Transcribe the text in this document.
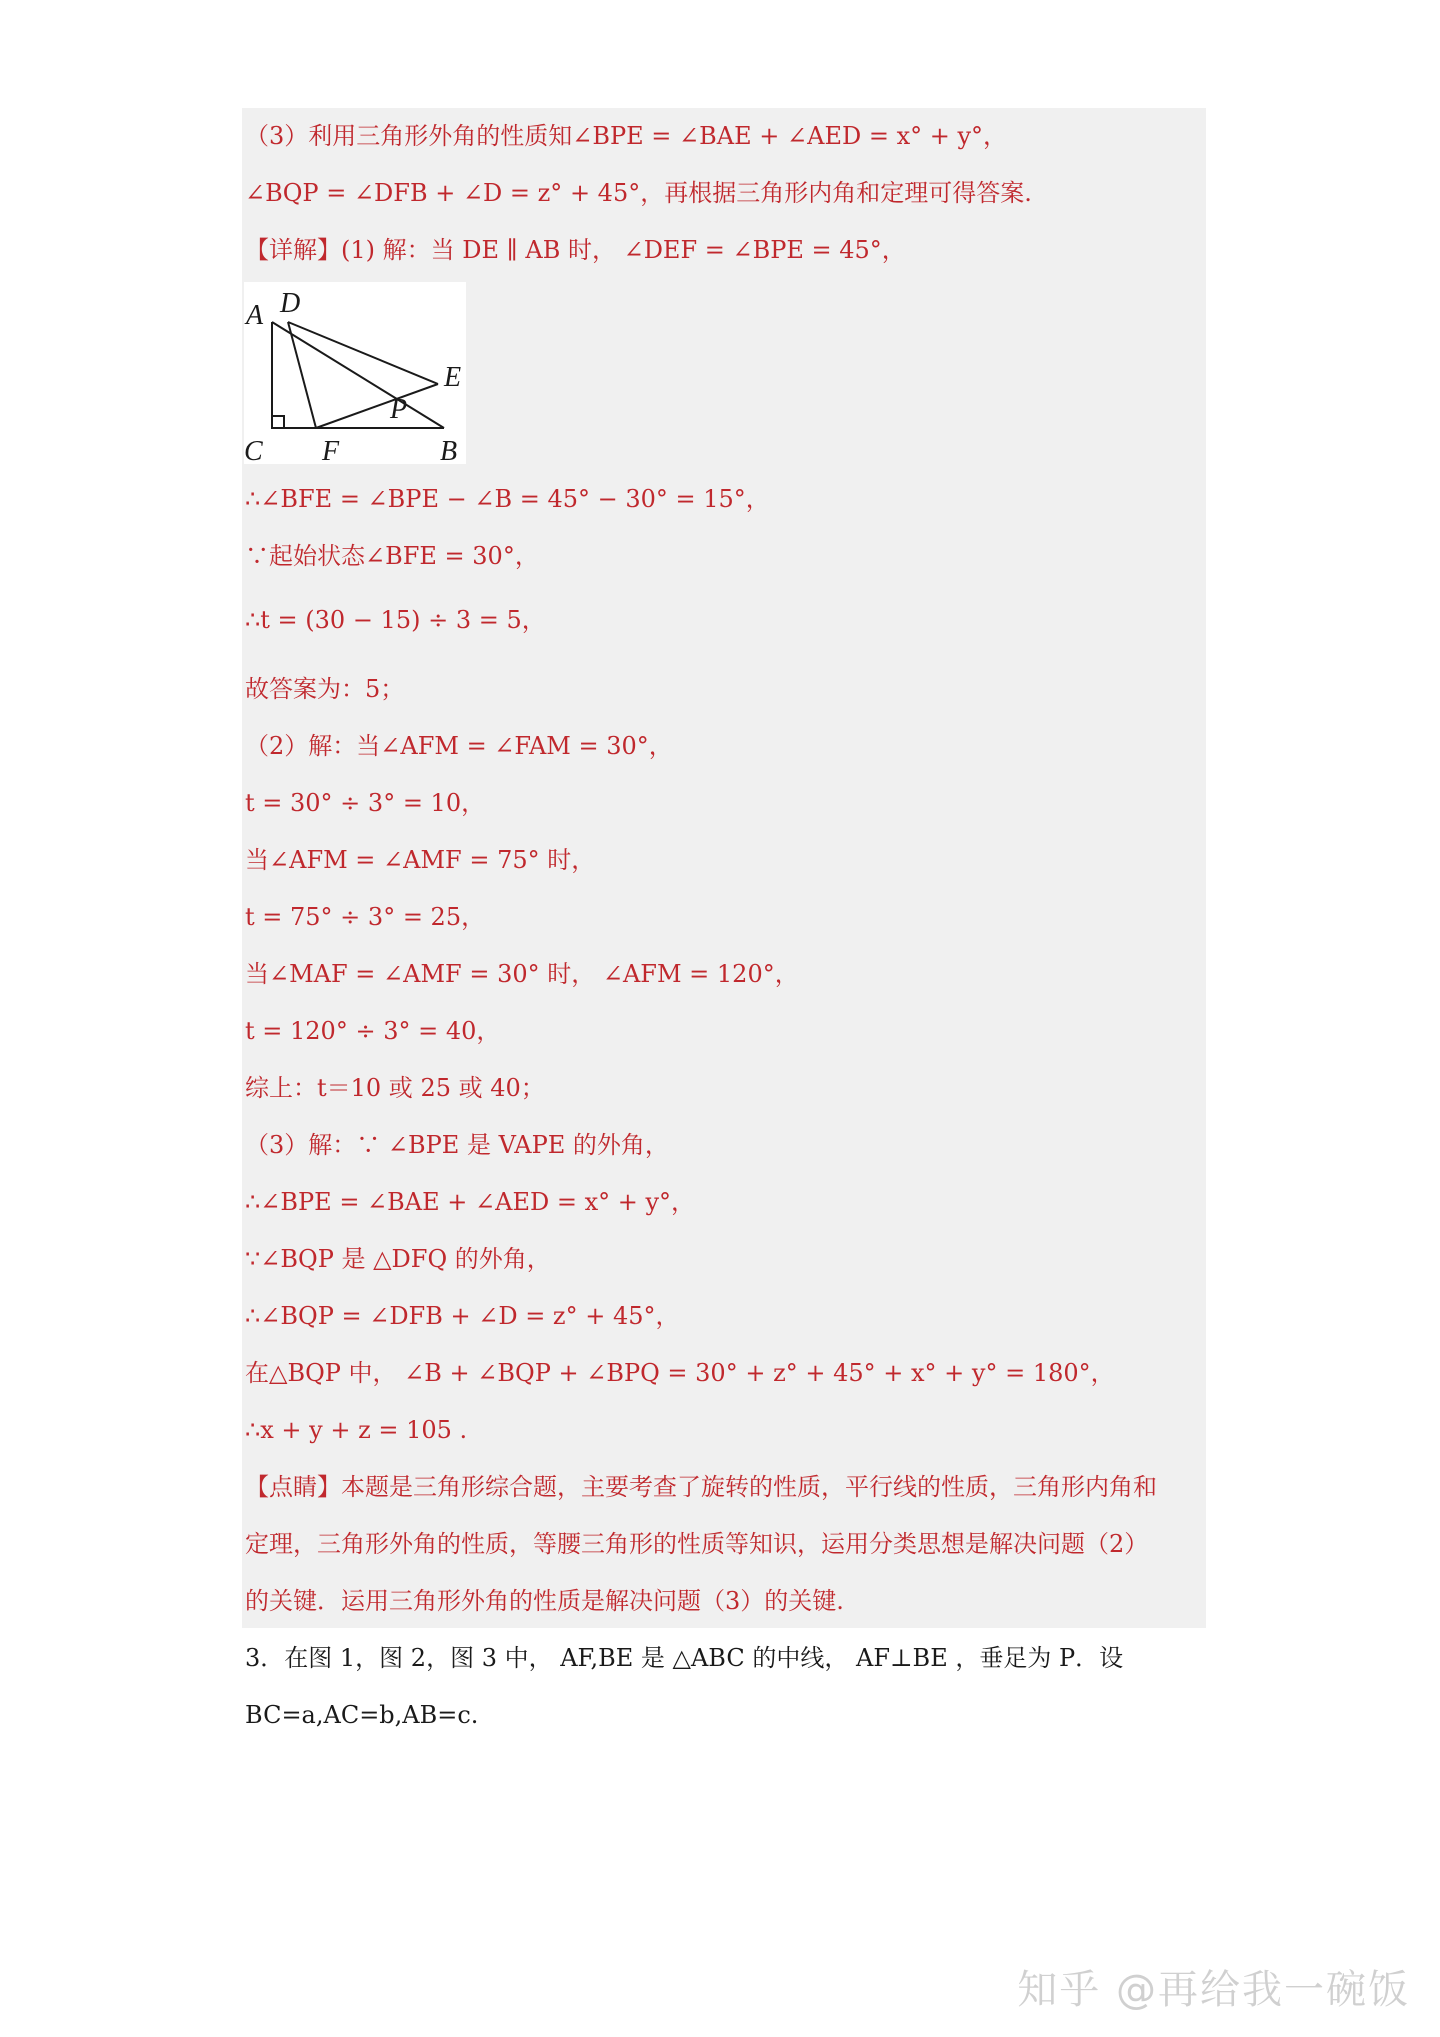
（3）利用三角形外角的性质知∠BPE = ∠BAE + ∠AED = x° + y°，
∠BQP = ∠DFB + ∠D = z° + 45°，再根据三角形内角和定理可得答案.
【详解】(1) 解：当 DE ∥ AB 时， ∠DEF = ∠BPE = 45°，
A D
E
P
C F	B
∴∠BFE = ∠BPE − ∠B = 45° − 30° = 15°，
∵起始状态∠BFE = 30°，
∴t = (30 − 15) ÷ 3 = 5，
故答案为：5；
（2）解：当∠AFM = ∠FAM = 30°，
t = 30° ÷ 3° = 10，
当∠AFM = ∠AMF = 75° 时，
t = 75° ÷ 3° = 25，
当∠MAF = ∠AMF = 30° 时， ∠AFM = 120°，
t = 120° ÷ 3° = 40，
综上：t＝10 或 25 或 40；
（3）解：∵ ∠BPE 是 VAPE 的外角，
∴∠BPE = ∠BAE + ∠AED = x° + y°，
∵∠BQP 是 △DFQ 的外角，
∴∠BQP = ∠DFB + ∠D = z° + 45°，
在△BQP 中， ∠B + ∠BQP + ∠BPQ = 30° + z° + 45° + x° + y° = 180°，
∴x + y + z = 105 .
【点睛】本题是三角形综合题，主要考查了旋转的性质，平行线的性质，三角形内角和
定理，三角形外角的性质，等腰三角形的性质等知识，运用分类思想是解决问题（2）
的关键．运用三角形外角的性质是解决问题（3）的关键.
3．在图 1，图 2，图 3 中， AF,BE 是 △ABC 的中线， AF⊥BE ，垂足为 P．设
BC=a,AC=b,AB=c.
知乎 @再给我一碗饭
